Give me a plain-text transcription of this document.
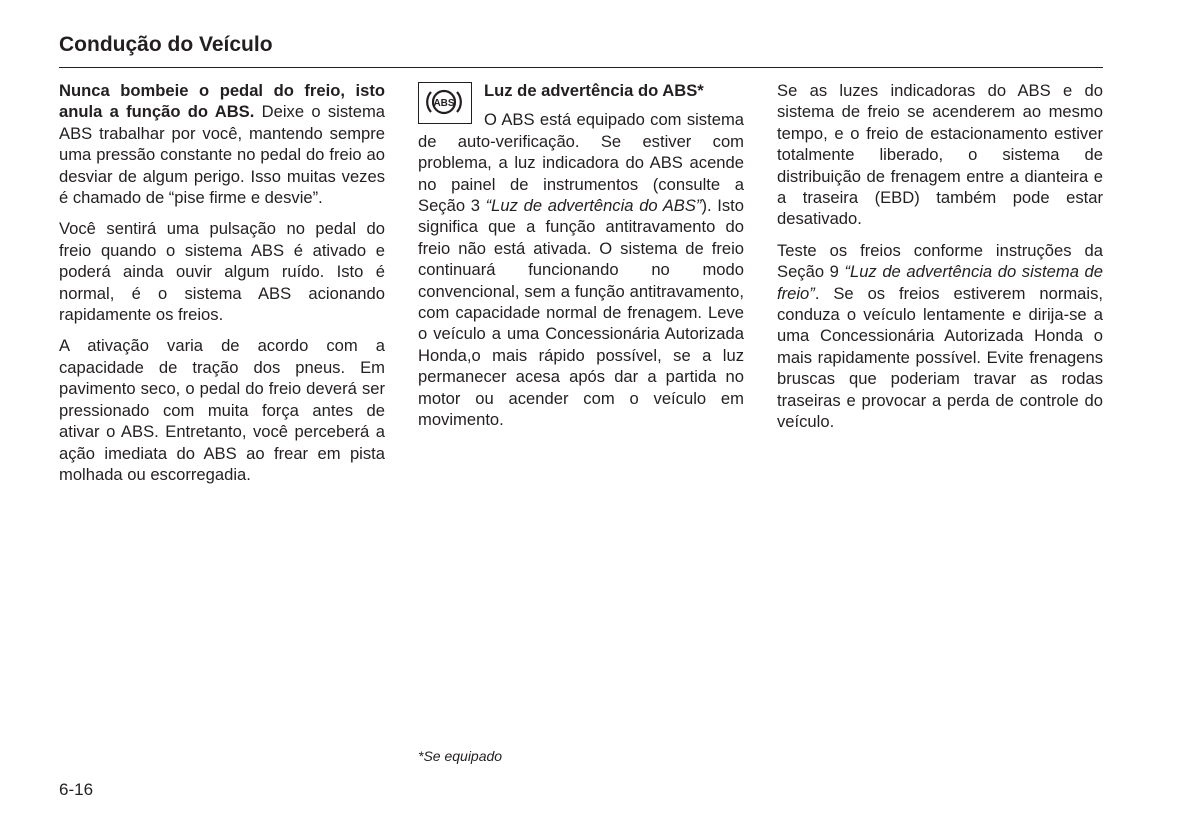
Condução do Veículo

Nunca bombeie o pedal do freio, isto anula a função do ABS. Deixe o sistema ABS trabalhar por você, mantendo sempre uma pressão constante no pedal do freio ao desviar de algum perigo. Isso muitas vezes é chamado de “pise firme e desvie”.

Você sentirá uma pulsação no pedal do freio quando o sistema ABS é ativado e poderá ainda ouvir algum ruído. Isto é normal, é o sistema ABS acionando rapidamente os freios.

A ativação varia de acordo com a capacidade de tração dos pneus. Em pavimento seco, o pedal do freio deverá ser pressionado com muita força antes de ativar o ABS. Entretanto, você perceberá a ação imediata do ABS ao frear em pista molhada ou escorregadia.

ABS
Luz de advertência do ABS*

O ABS está equipado com sistema de auto-verificação. Se estiver com problema, a luz indicadora do ABS acende no painel de instrumentos (consulte a Seção 3 “Luz de advertência do ABS”). Isto significa que a função antitravamento do freio não está ativada. O sistema de freio continuará funcionando no modo convencional, sem a função antitravamento, com capacidade normal de frenagem. Leve o veículo a uma Concessionária Autorizada Honda,o mais rápido possível, se a luz permanecer acesa após dar a partida no motor ou acender com o veículo em movimento.

Se as luzes indicadoras do ABS e do sistema de freio se acenderem ao mesmo tempo, e o freio de estacionamento estiver totalmente liberado, o sistema de distribuição de frenagem entre a dianteira e a traseira (EBD) também pode estar desativado.

Teste os freios conforme instruções da Seção 9 “Luz de advertência do sistema de freio”. Se os freios estiverem normais, conduza o veículo lentamente e dirija-se a uma Concessionária Autorizada Honda o mais rapidamente possível. Evite frenagens bruscas que poderiam travar as rodas traseiras e provocar a perda de controle do veículo.

*Se equipado
6-16
